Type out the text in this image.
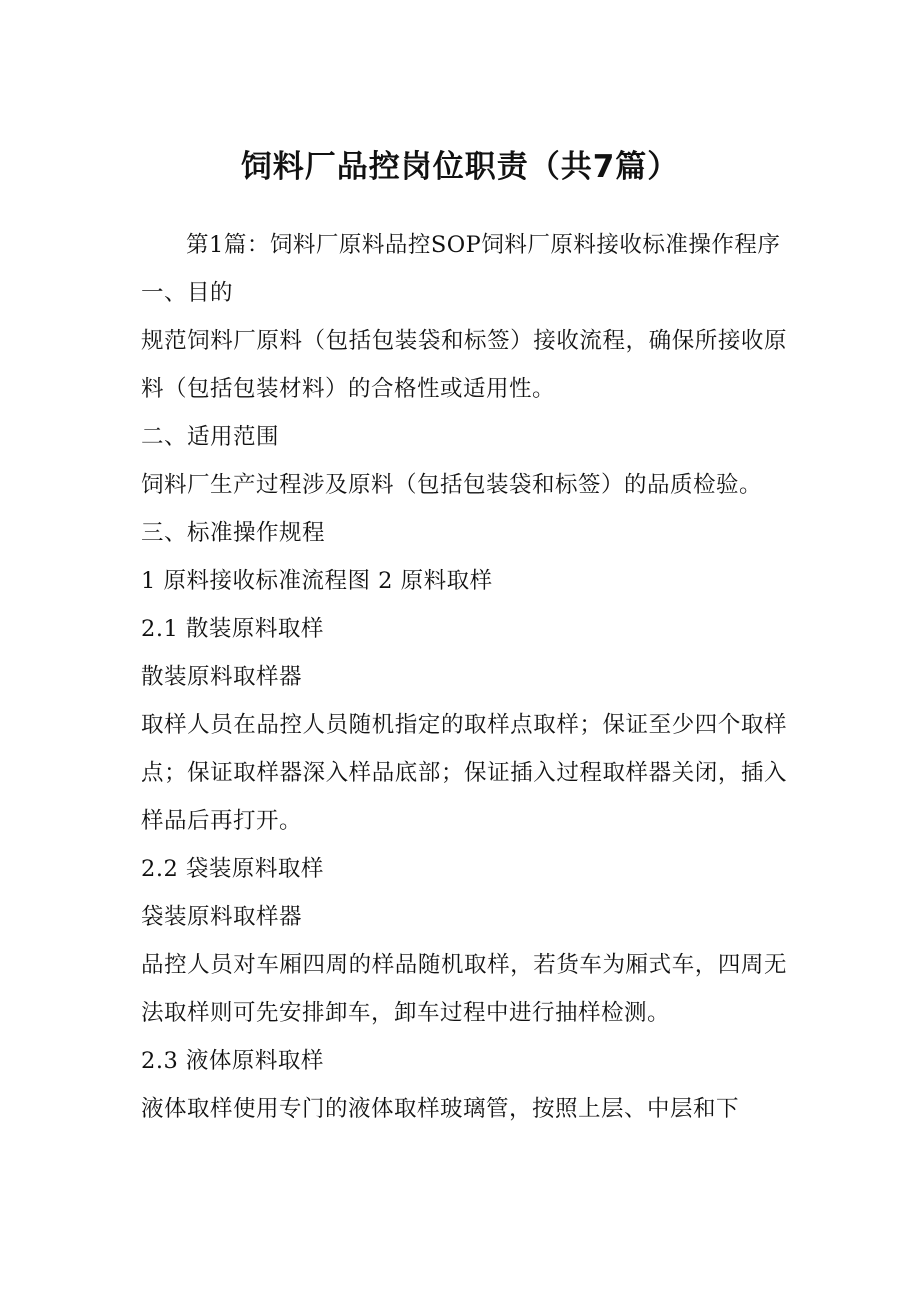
饲料厂品控岗位职责（共7篇）

第1篇：饲料厂原料品控SOP饲料厂原料接收标准操作程序

一、目的

规范饲料厂原料（包括包装袋和标签）接收流程，确保所接收原料（包括包装材料）的合格性或适用性。

二、适用范围

饲料厂生产过程涉及原料（包括包装袋和标签）的品质检验。

三、标准操作规程

1 原料接收标准流程图 2 原料取样

2.1 散装原料取样

散装原料取样器

取样人员在品控人员随机指定的取样点取样；保证至少四个取样点；保证取样器深入样品底部；保证插入过程取样器关闭，插入样品后再打开。

2.2 袋装原料取样

袋装原料取样器

品控人员对车厢四周的样品随机取样，若货车为厢式车，四周无法取样则可先安排卸车，卸车过程中进行抽样检测。

2.3 液体原料取样

液体取样使用专门的液体取样玻璃管，按照上层、中层和下
